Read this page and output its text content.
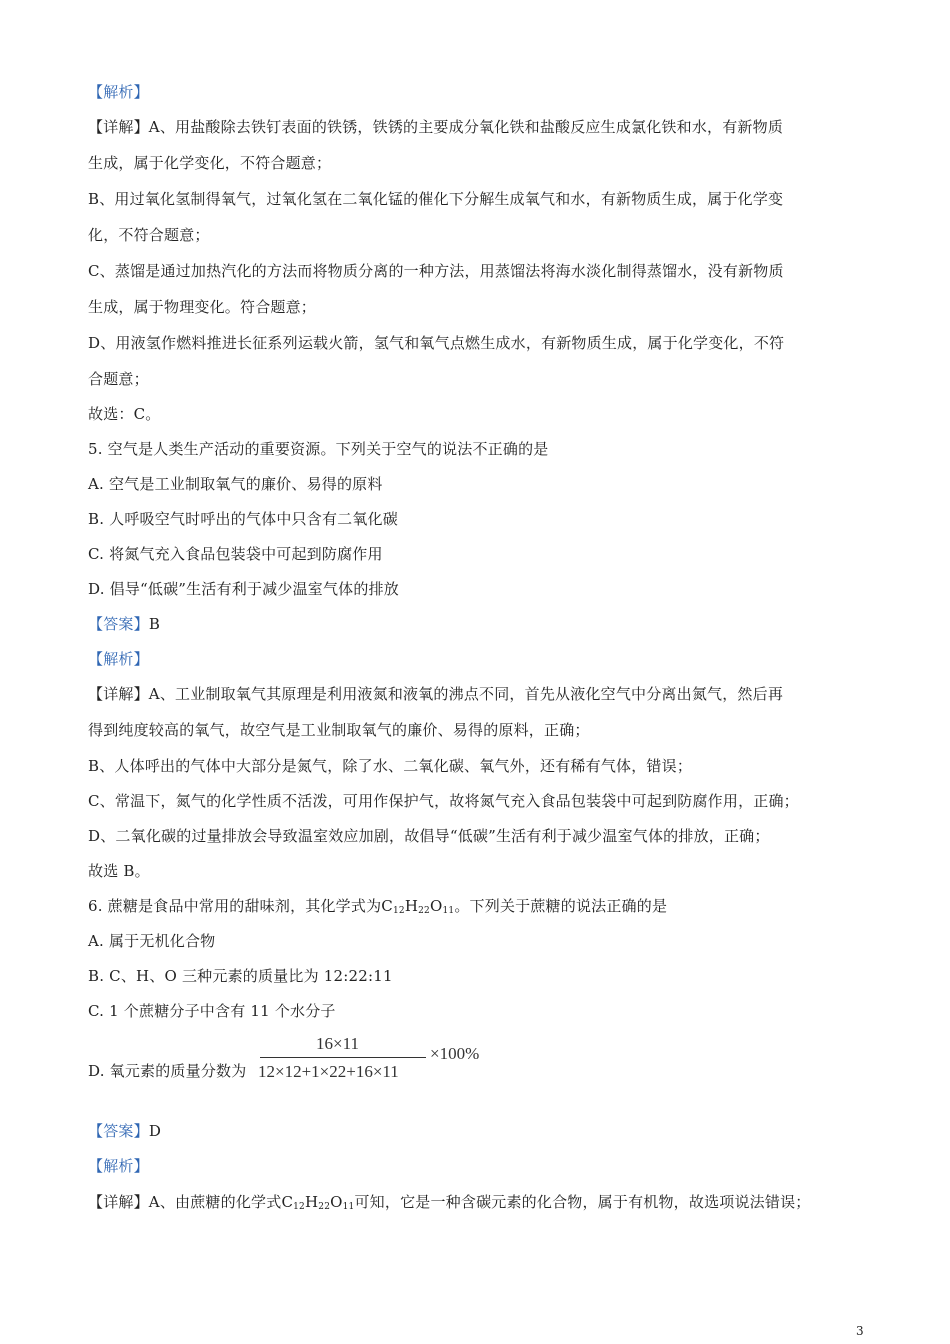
【解析】
【详解】A、用盐酸除去铁钉表面的铁锈，铁锈的主要成分氧化铁和盐酸反应生成氯化铁和水，有新物质
生成，属于化学变化，不符合题意；
B、用过氧化氢制得氧气，过氧化氢在二氧化锰的催化下分解生成氧气和水，有新物质生成，属于化学变
化，不符合题意；
C、蒸馏是通过加热汽化的方法而将物质分离的一种方法，用蒸馏法将海水淡化制得蒸馏水，没有新物质
生成，属于物理变化。符合题意；
D、用液氢作燃料推进长征系列运载火箭，氢气和氧气点燃生成水，有新物质生成，属于化学变化，不符
合题意；
故选：C。
5. 空气是人类生产活动的重要资源。下列关于空气的说法不正确的是
A. 空气是工业制取氧气的廉价、易得的原料
B. 人呼吸空气时呼出的气体中只含有二氧化碳
C. 将氮气充入食品包装袋中可起到防腐作用
D. 倡导“低碳”生活有利于减少温室气体的排放
【答案】B
【解析】
【详解】A、工业制取氧气其原理是利用液氮和液氧的沸点不同，首先从液化空气中分离出氮气，然后再
得到纯度较高的氧气，故空气是工业制取氧气的廉价、易得的原料，正确；
B、人体呼出的气体中大部分是氮气，除了水、二氧化碳、氧气外，还有稀有气体，错误；
C、常温下，氮气的化学性质不活泼，可用作保护气，故将氮气充入食品包装袋中可起到防腐作用，正确；
D、二氧化碳的过量排放会导致温室效应加剧，故倡导“低碳”生活有利于减少温室气体的排放，正确；
故选 B。
6. 蔗糖是食品中常用的甜味剂，其化学式为$C_{12}H_{22}O_{11}$。下列关于蔗糖的说法正确的是
A. 属于无机化合物
B. C、H、O 三种元素的质量比为 12:22:11
C. 1 个蔗糖分子中含有 11 个水分子
D. 氧元素的质量分数为
16×11
12×12+1×22+16×11
×100%
【答案】D
【解析】
【详解】A、由蔗糖的化学式$C_{12}H_{22}O_{11}$可知，它是一种含碳元素的化合物，属于有机物，故选项说法错误；
3
